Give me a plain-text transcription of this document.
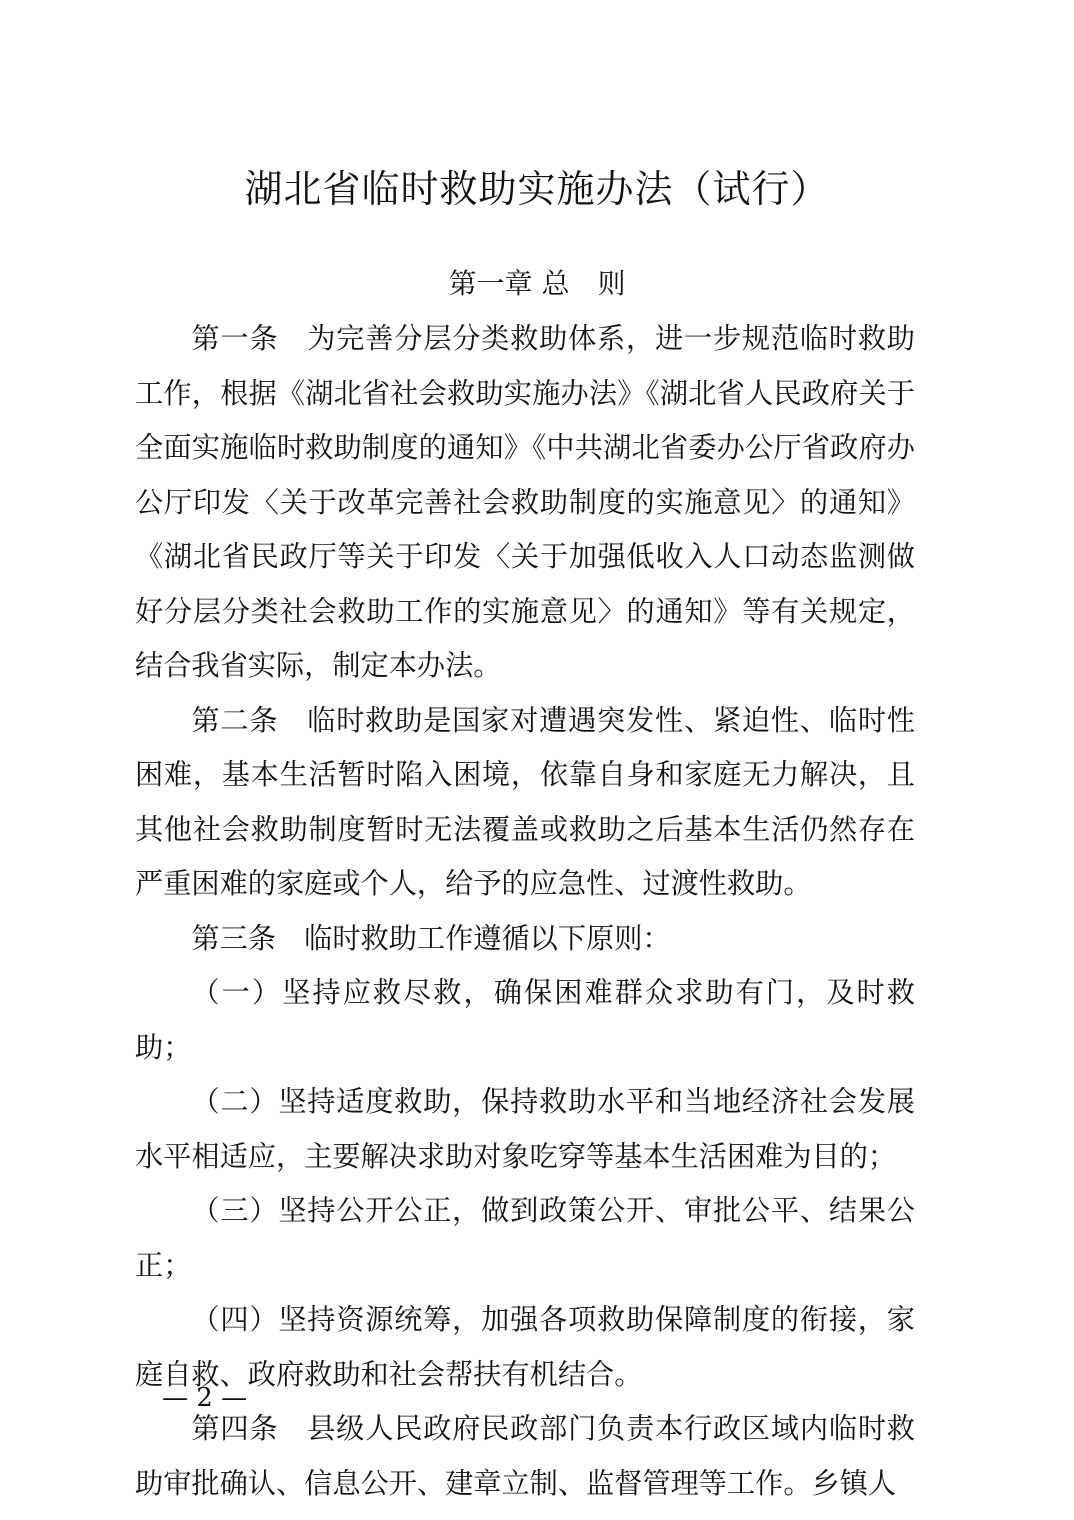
湖北省临时救助实施办法（试行）
第一章 总　则

第一条　为完善分层分类救助体系，进一步规范临时救助工作，根据《湖北省社会救助实施办法》《湖北省人民政府关于全面实施临时救助制度的通知》《中共湖北省委办公厅省政府办公厅印发〈关于改革完善社会救助制度的实施意见〉的通知》《湖北省民政厅等关于印发〈关于加强低收入人口动态监测做好分层分类社会救助工作的实施意见〉的通知》等有关规定，结合我省实际，制定本办法。

第二条　临时救助是国家对遭遇突发性、紧迫性、临时性困难，基本生活暂时陷入困境，依靠自身和家庭无力解决，且其他社会救助制度暂时无法覆盖或救助之后基本生活仍然存在严重困难的家庭或个人，给予的应急性、过渡性救助。

第三条　临时救助工作遵循以下原则：

（一）坚持应救尽救，确保困难群众求助有门，及时救助；

（二）坚持适度救助，保持救助水平和当地经济社会发展水平相适应，主要解决求助对象吃穿等基本生活困难为目的；

（三）坚持公开公正，做到政策公开、审批公平、结果公正；

（四）坚持资源统筹，加强各项救助保障制度的衔接，家庭自救、政府救助和社会帮扶有机结合。

第四条　县级人民政府民政部门负责本行政区域内临时救助审批确认、信息公开、建章立制、监督管理等工作。乡镇人

— 2 —
